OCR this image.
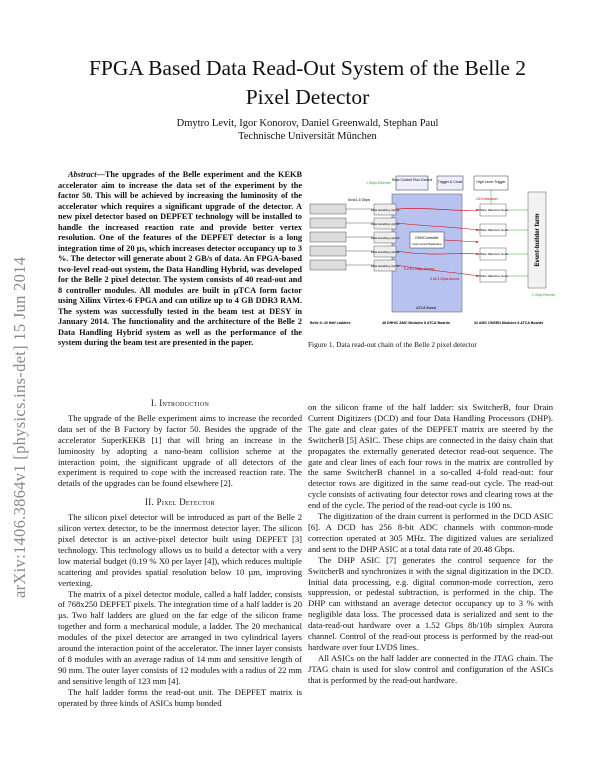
arXiv:1406.3864v1 [physics.ins-det] 15 Jun 2014
FPGA Based Data Read-Out System of the Belle 2
Pixel Detector
Dmytro Levit, Igor Konorov, Daniel Greenwald, Stephan Paul
Technische Universität München

Abstract—The upgrades of the Belle experiment and the KEKB accelerator aim to increase the data set of the experiment by the factor 50. This will be achieved by increasing the luminosity of the accelerator which requires a significant upgrade of the detector. A new pixel detector based on DEPFET technology will be installed to handle the increased reaction rate and provide better vertex resolution. One of the features of the DEPFET detector is a long integration time of 20 µs, which increases detector occupancy up to 3 %. The detector will generate about 2 GB/s of data. An FPGA-based two-level read-out system, the Data Handling Hybrid, was developed for the Belle 2 pixel detector. The system consists of 40 read-out and 8 controller modules. All modules are built in µTCA form factor using Xilinx Virtex-6 FPGA and can utilize up to 4 GB DDR3 RAM. The system was successfully tested in the beam test at DESY in January 2014. The functionality and the architecture of the Belle 2 Data Handling Hybrid system as well as the performance of the system during the beam test are presented in the paper.

I. Introduction

The upgrade of the Belle experiment aims to increase the recorded data set of the B Factory by factor 50. Besides the upgrade of the accelerator SuperKEKB [1] that will bring an increase in the luminosity by adopting a nano-beam collision scheme at the interaction point, the significant upgrade of all detectors of the experiment is required to cope with the increased reaction rate. The details of the upgrades can be found elsewhere [2].

II. Pixel Detector

The silicon pixel detector will be introduced as part of the Belle 2 silicon vertex detector, to be the innermost detector layer. The silicon pixel detector is an active-pixel detector built using DEPFET [3] technology. This technology allows us to build a detector with a very low material budget (0.19 % X0 per layer [4]), which reduces multiple scattering and provides spatial resolution below 10 µm, improving vertexing.

The matrix of a pixel detector module, called a half ladder, consists of 768x250 DEPFET pixels. The integration time of a half ladder is 20 µs. Two half ladders are glued on the far edge of the silicon frame together and form a mechanical module, a ladder. The 20 mechanical modules of the pixel detector are arranged in two cylindrical layers around the interaction point of the accelerator. The inner layer consists of 8 modules with an average radius of 14 mm and sensitive length of 90 mm. The outer layer consists of 12 modules with a radius of 22 mm and sensitive length of 123 mm [4].

The half ladder forms the read-out unit. The DEPFET matrix is operated by three kinds of ASICs bump bonded

Slow Control Run Control Trigger & Clock	High Level Trigger
1 Gbps Ethernet
ATCA Board
5x4x1.5 Gbps
Data Handling Hybrid
Data Handling Hybrid
Data Handling Hybrid
Data Handling Hybrid
Data Handling Hybrid
DHHController
Fast Control Backplane
5 x 6.3 Gbps Aurora
4 x6.3 Gbps Aurora
1/10 reduction
ONline SElection Node
ONline SElection Node
ONline SElection Node
ONline SElection Node
Event-builder farm
1 Gbps Ethernet
Belle II: 40 Half Ladders	48 DHH/C AMC Modules 8 ATCA Boards	32 AMC ONSEN Modules 8 ATCA Boards
Figure 1. Data read-out chain of the Belle 2 pixel detector

on the silicon frame of the half ladder: six SwitcherB, four Drain Current Digitizers (DCD) and four Data Handling Processors (DHP). The gate and clear gates of the DEPFET matrix are steered by the SwitcherB [5] ASIC. These chips are connected in the daisy chain that propagates the externally generated detector read-out sequence. The gate and clear lines of each four rows in the matrix are controlled by the same SwitcherB channel in a so-called 4-fold read-out: four detector rows are digitized in the same read-out cycle. The read-out cycle consists of activating four detector rows and clearing rows at the end of the cycle. The period of the read-out cycle is 100 ns.

The digitization of the drain current is performed in the DCD ASIC [6]. A DCD has 256 8-bit ADC channels with common-mode correction operated at 305 MHz. The digitized values are serialized and sent to the DHP ASIC at a total data rate of 20.48 Gbps.

The DHP ASIC [7] generates the control sequence for the SwitcherB and synchronizes it with the signal digitization in the DCD. Initial data processing, e.g. digital common-mode correction, zero suppression, or pedestal subtraction, is performed in the chip. The DHP can withstand an average detector occupancy up to 3 % with negligible data loss. The processed data is serialized and sent to the data-read-out hardware over a 1.52 Gbps 8b/10b simplex Aurora channel. Control of the read-out process is performed by the read-out hardware over four LVDS lines.

All ASICs on the half ladder are connected in the JTAG chain. The JTAG chain is used for slow control and configuration of the ASICs that is performed by the read-out hardware.
